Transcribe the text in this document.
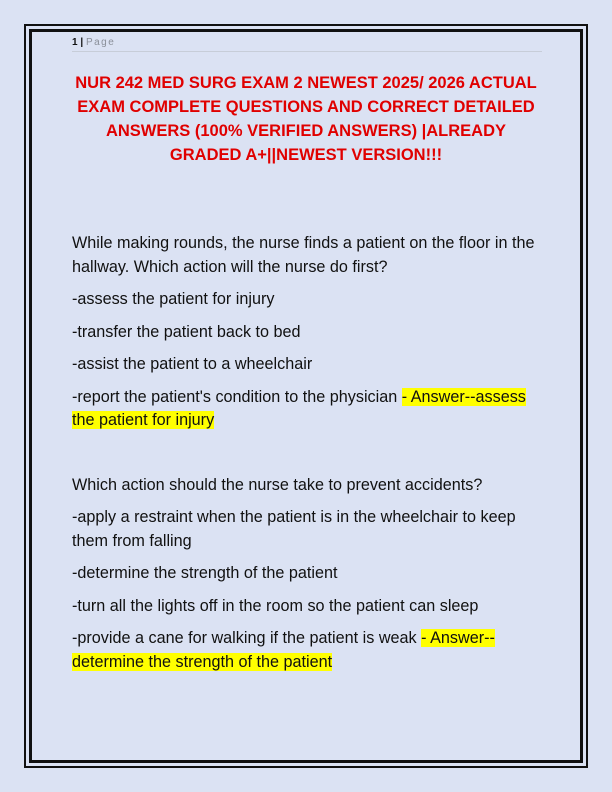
1 | Page
NUR 242 MED SURG EXAM 2 NEWEST 2025/ 2026 ACTUAL EXAM COMPLETE QUESTIONS AND CORRECT DETAILED ANSWERS (100% VERIFIED ANSWERS) |ALREADY GRADED A+||NEWEST VERSION!!!

While making rounds, the nurse finds a patient on the floor in the hallway. Which action will the nurse do first?

-assess the patient for injury

-transfer the patient back to bed

-assist the patient to a wheelchair

-report the patient's condition to the physician - Answer--assess the patient for injury

Which action should the nurse take to prevent accidents?

-apply a restraint when the patient is in the wheelchair to keep them from falling

-determine the strength of the patient

-turn all the lights off in the room so the patient can sleep

-provide a cane for walking if the patient is weak - Answer--determine the strength of the patient
